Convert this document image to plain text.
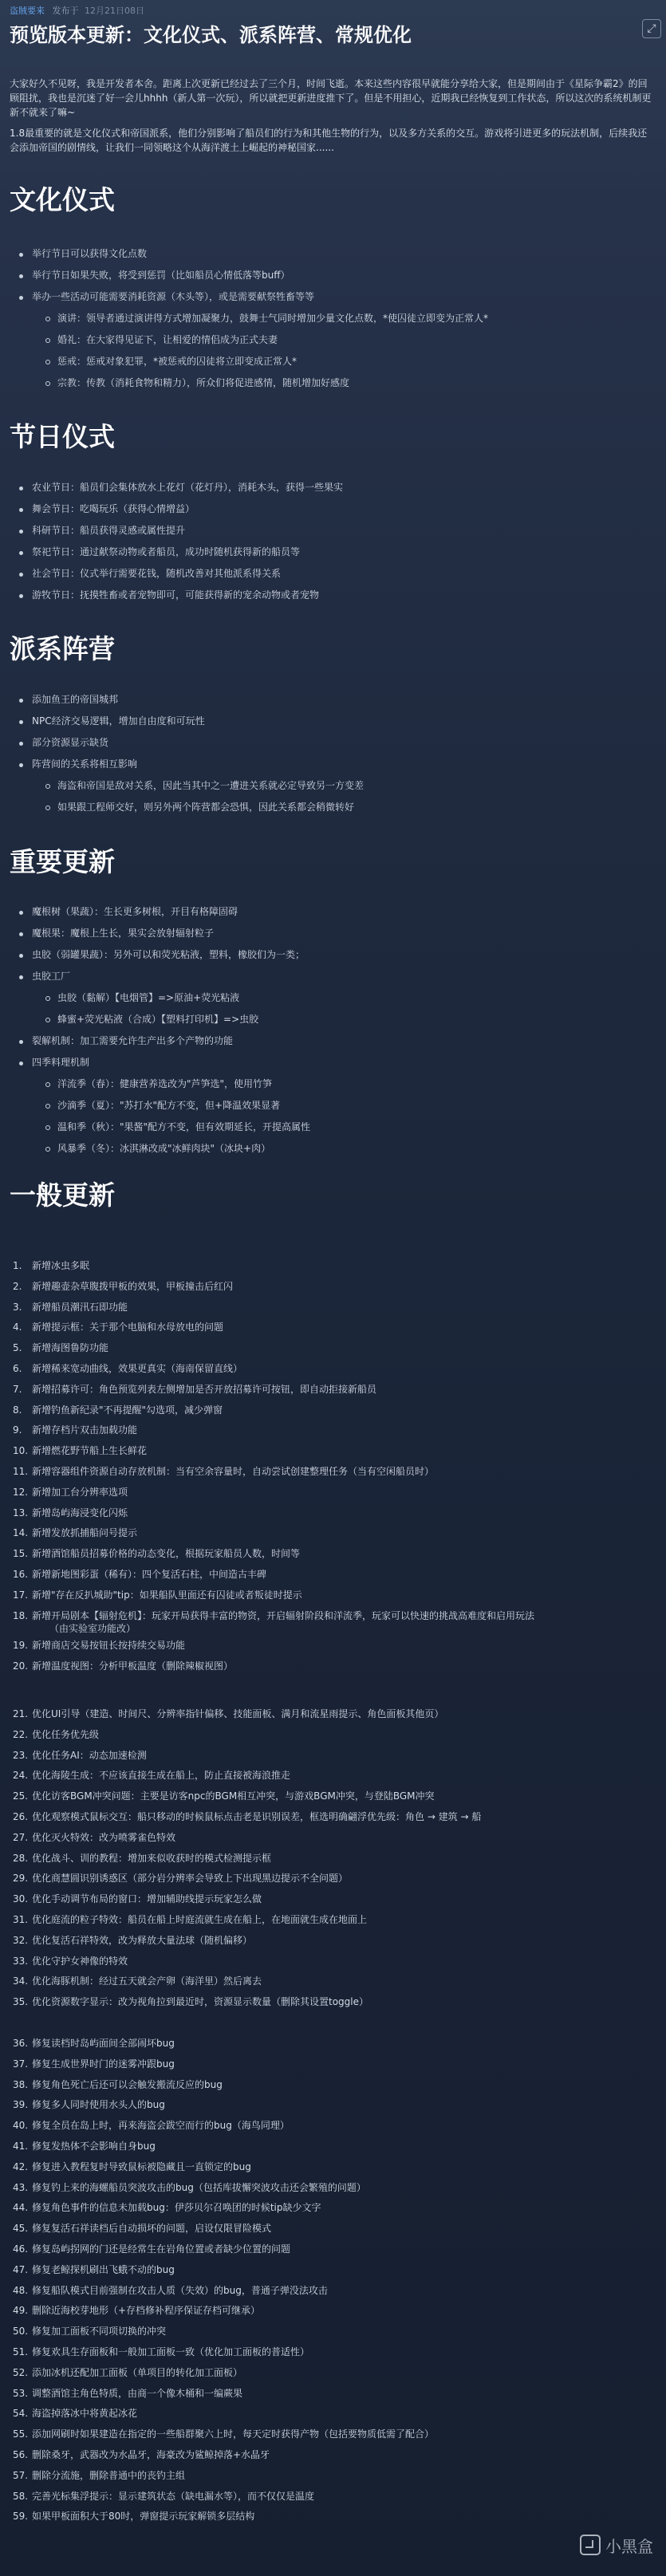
盗賊要来 发布于 12月21日08日
预览版本更新：文化仪式、派系阵营、常规优化	⤢
大家好久不见呀，我是开发者本舍。距离上次更新已经过去了三个月，时间飞逝。本来这些内容很早就能分享给大家，但是期间由于《星际争霸2》的回顾阻扰，我也是沉迷了好一会儿hhhh（新人第一次玩），所以就把更新进度推下了。但是不用担心，近期我已经恢复到工作状态，所以这次的系统机制更新不就来了嘛~
1.8最重要的就是文化仪式和帝国派系，他们分别影响了船员们的行为和其他生物的行为，以及多方关系的交互。游戏将引进更多的玩法机制，后续我还会添加帝国的剧情线，让我们一同领略这个从海洋渡土上崛起的神秘国家......
文化仪式
举行节日可以获得文化点数
举行节日如果失败，将受到惩罚（比如船员心情低落等buff）
举办一些活动可能需要消耗资源（木头等），或是需要献祭牲畜等等
演讲：领导者通过演讲得方式增加凝聚力，鼓舞士气同时增加少量文化点数，*使囚徒立即变为正常人*
婚礼：在大家得见证下，让相爱的情侣成为正式夫妻
惩戒：惩戒对象犯罪，*被惩戒的囚徒将立即变成正常人*
宗教：传教（消耗食物和精力），所众们将促进感情，随机增加好感度
节日仪式
农业节日：船员们会集体放水上花灯（花灯丹），消耗木头，获得一些果实
舞会节日：吃喝玩乐（获得心情增益）
科研节日：船员获得灵感或属性提升
祭祀节日：通过献祭动物或者船员，成功时随机获得新的船员等
社会节日：仪式举行需要花钱，随机改善对其他派系得关系
游牧节日：抚摸牲畜或者宠物即可，可能获得新的宠余动物或者宠物
派系阵营
添加鱼王的帝国城邦
NPC经济交易逻辑，增加自由度和可玩性
部分资源显示缺货
阵营间的关系将相互影响
海盗和帝国是敌对关系，因此当其中之一遭进关系就必定导致另一方变差
如果跟工程师交好，则另外两个阵营都会恐惧，因此关系都会稍微转好
重要更新
魔根树（果蔬）：生长更多树根，开目有格障固碍
魔根果：魔根上生长，果实会放射辐射粒子
虫胶（弱罐果蔬）：另外可以和荧光粘液，塑料，橡胶们为一类；
虫胶工厂
虫胶（黏解）【电烟管】=>原油+荧光粘液
蜂蜜+荧光粘液（合成）【塑料打印机】=>虫胶
裂解机制：加工需要允许生产出多个产物的功能
四季料理机制
洋流季（春）：健康营养选改为"芦笋选"，使用竹笋
沙滴季（夏）："苏打水"配方不变，但+降温效果显著
温和季（秋）："果酱"配方不变，但有效期延长，开提高属性
风暴季（冬）：冰淇淋改成"冰鲜肉块"（冰块+肉）
一般更新
1. 新增冰虫多眠
2. 新增趣壶杂草腹拨甲板的效果，甲板撞击后红闪
3. 新增船员潮汛石即功能
4. 新增提示框：关于那个电脑和水母放电的问题
5. 新增海图鲁防功能
6. 新增稀来宽动曲线，效果更真实（海南保留直线）
7. 新增招募许可：角色预览列表左侧增加是否开放招募许可按钮，即自动拒接新船员
8. 新增钓鱼新纪录"不再提醒"勾选项，减少弹窗
9. 新增存档片双击加载功能
10. 新增燃花野节船上生长鲜花
11. 新增容器组件资源自动存放机制：当有空余容量时，自动尝试创建整理任务（当有空闲船员时）
12. 新增加工台分辨率选项
13. 新增岛屿海浸变化闪烁
14. 新增发放抓捕船问号提示
15. 新增酒馆船员招募价格的动态变化，根据玩家船员人数，时间等
16. 新增新地图彩蛋（稀有）：四个复活石柱，中间造古丰碑
17. 新增"存在反扒城助"tip：如果船队里面还有囚徒或者叛徒时提示
18. 新增开局剧本【辐射危机】：玩家开局获得丰富的物资，开启辐射阶段和洋流季，玩家可以快速的挑战高难度和启用玩法
（由实验室功能改）
19. 新增商店交易按钮长按持续交易功能
20. 新增温度视图：分析甲板温度（删除辣椒视图）
21. 优化UI引导（建造、时间尺、分辨率指针偏移、技能面板、满月和流星雨提示、角色面板其他页）
22. 优化任务优先级
23. 优化任务AI：动态加速检测
24. 优化海陵生成：不应该直接生成在船上，防止直接被海浪推走
25. 优化访客BGM冲突问题：主要是访客npc的BGM相互冲突，与游戏BGM冲突，与登陆BGM冲突
26. 优化观察模式鼠标交互：船只移动的时候鼠标点击老是识别误差，框选明确翩浮优先级：角色 → 建筑 → 船
27. 优化灭火特效：改为喷雾雀色特效
28. 优化战斗、训的教程：增加来似收获时的模式检测提示框
29. 优化商慧圆识别诱惑区（部分岩分辨率会导致上下出现黑边提示不全问题）
30. 优化手动调节布局的窗口：增加辅助线提示玩家怎么做
31. 优化庭流的粒子特效：船员在船上时庭流就生成在船上，在地面就生成在地面上
32. 优化复活石祥特效，改为释放大量法球（随机偏移）
33. 优化守护女神像的特效
34. 优化海豚机制：经过五天就会产卵（海洋里）然后离去
35. 优化资源数字显示：改为视角拉到最近时，资源显示数量（删除其设置toggle）
36. 修复读档时岛屿面间全部闹坏bug
37. 修复生成世界时门的迷雾冲跟bug
38. 修复角色死亡后还可以会触发搬流反应的bug
39. 修复多人同时使用水头人的bug
40. 修复全员在岛上时，再来海盗会跋空而行的bug（海鸟同理）
41. 修复发热体不会影响自身bug
42. 修复进入教程复时导致鼠标被隐藏且一直锁定的bug
43. 修复钓上来的海螺船员突波攻击的bug（包括库拔懈突波攻击还会繁殖的问题）
44. 修复角色事件的信息未加载bug：伊莎贝尔召唤团的时候tip缺少文字
45. 修复复活石祥读档后自动损坏的问题，启设仅限冒险模式
46. 修复岛屿拐网的门还是经常生在岩角位置或者缺少位置的问题
47. 修复老鲸探机刷出飞蛾不动的bug
48. 修复船队模式目前强制在攻击人质（失效）的bug，普通子弹没法攻击
49. 删除近海校芽地形（+存档修补程序保证存档可继承）
50. 修复加工面板不同项切换的冲突
51. 修复欢具生存面板和一般加工面板一致（优化加工面板的普适性）
52. 添加冰机还配加工面板（单项目的转化加工面板）
53. 调整酒馆主角色特质，由商一个像木桶和一编蕨果
54. 海盗掉落冰中将黄起冰花
55. 添加网刷时如果建造在指定的一些船群聚六上时，每天定时获得产物（包括要物质低需了配合）
56. 删除桑牙，武器改为水晶牙，海豪改为鲨鲸掉落+水晶牙
57. 删除分流施，删除普通中的丧钓主组
58. 完善光标集浮提示：显示建筑状态（缺电漏水等），而不仅仅是温度
59. 如果甲板面积大于80时，弹窗提示玩家解锁多层结构
小黑盒
